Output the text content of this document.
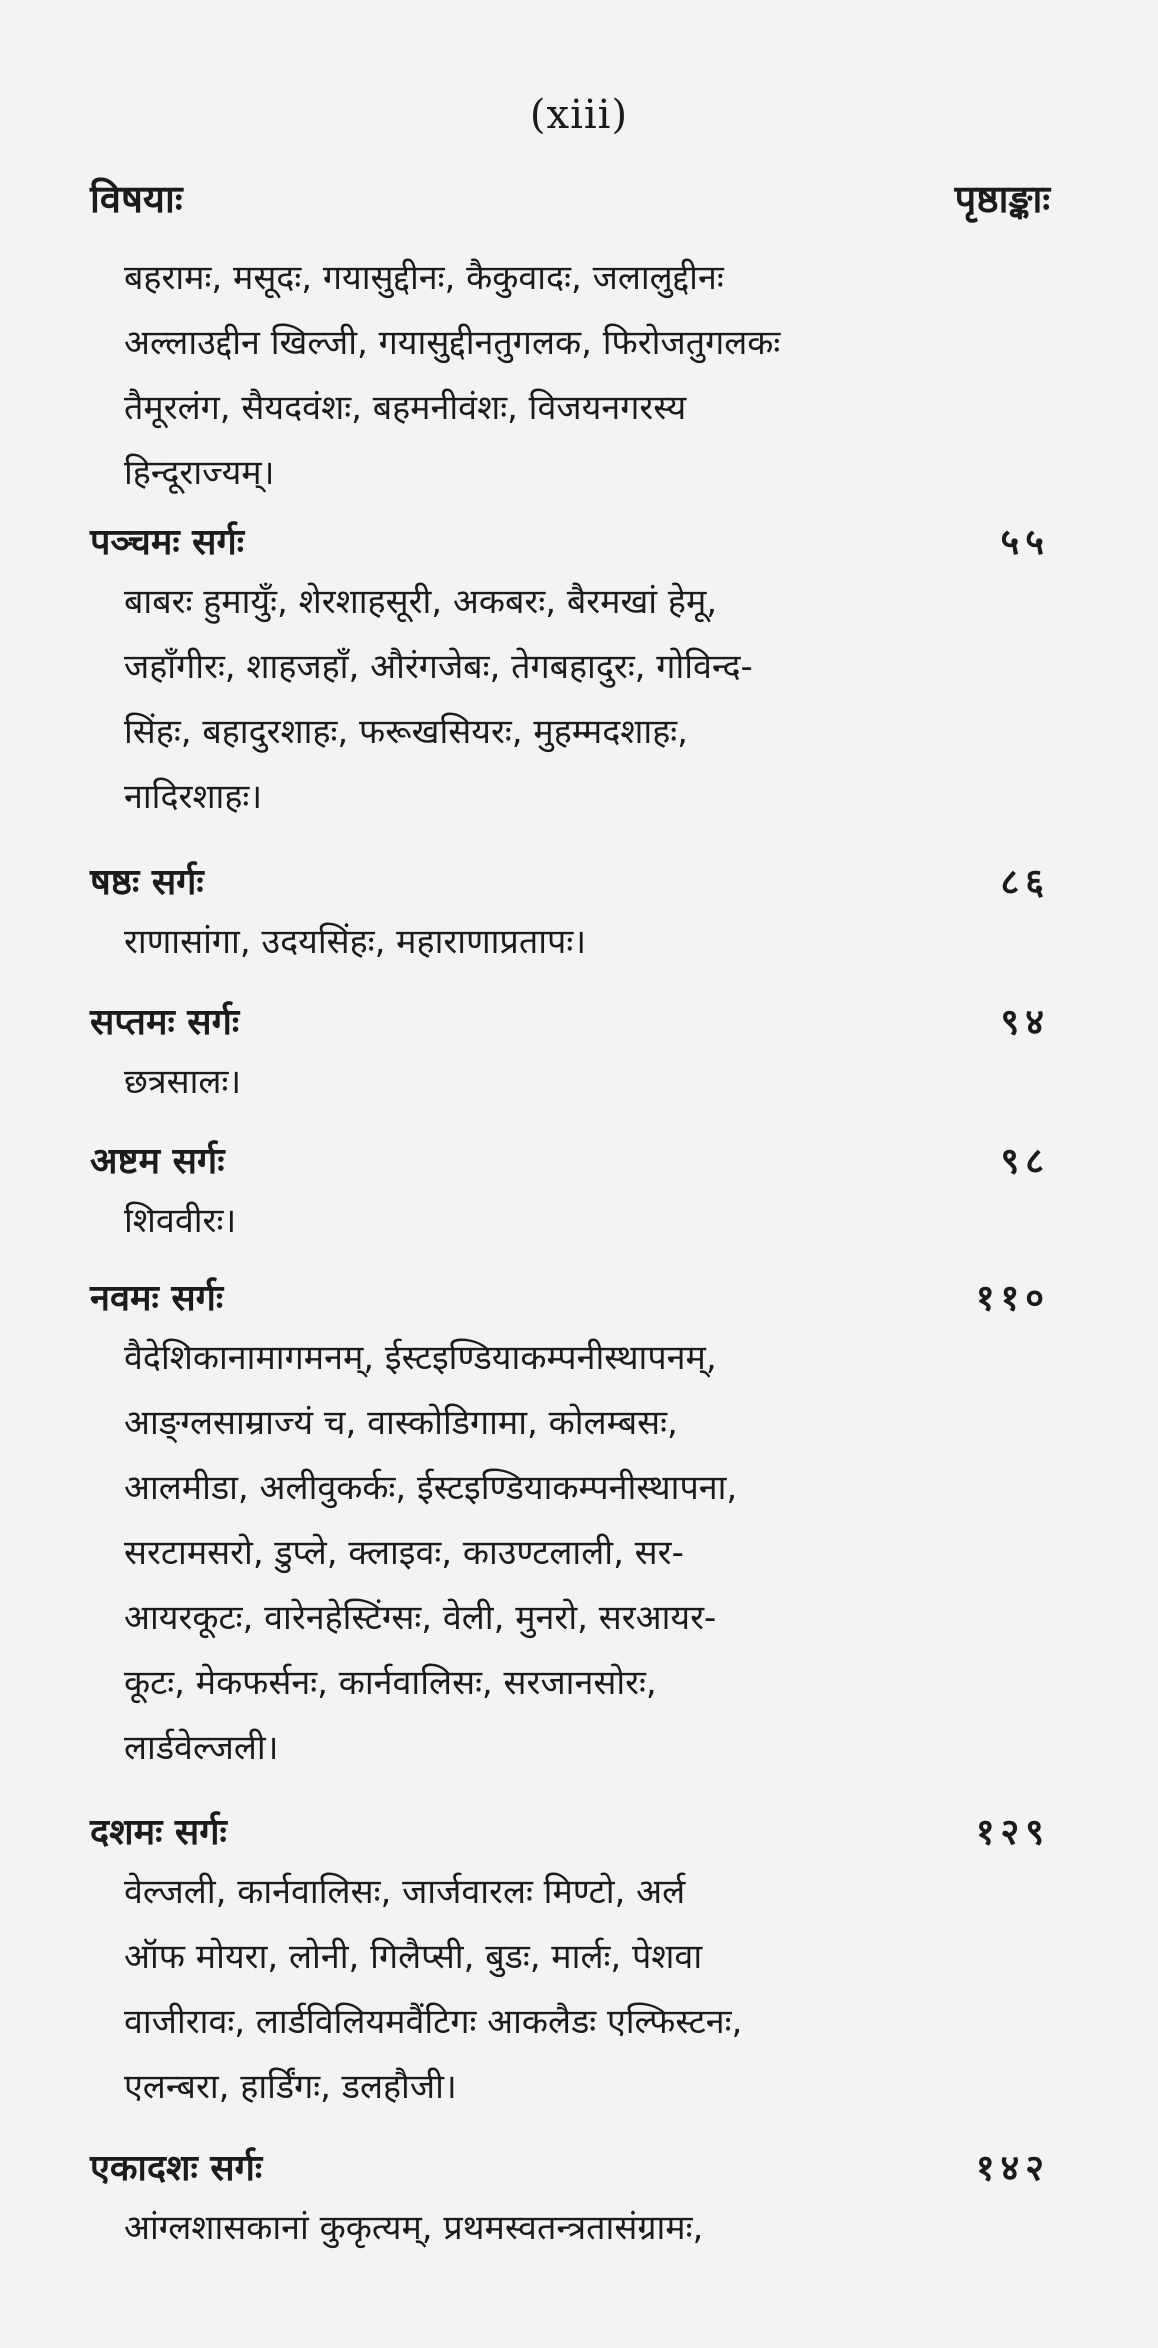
(xiii)
विषयाः	पृष्ठाङ्काः
बहरामः, मसूदः, गयासुद्दीनः, कैकुवादः, जलालुद्दीनः
अल्लाउद्दीन खिल्जी, गयासुद्दीनतुगलक, फिरोजतुगलकः
तैमूरलंग, सैयदवंशः, बहमनीवंशः, विजयनगरस्य
हिन्दूराज्यम्।
पञ्चमः सर्गः	५५
बाबरः हुमायुँः, शेरशाहसूरी, अकबरः, बैरमखां हेमू,
जहाँगीरः, शाहजहाँ, औरंगजेबः, तेगबहादुरः, गोविन्द-
सिंहः, बहादुरशाहः, फरूखसियरः, मुहम्मदशाहः,
नादिरशाहः।
षष्ठः सर्गः	८६
राणासांगा, उदयसिंहः, महाराणाप्रतापः।
सप्तमः सर्गः	९४
छत्रसालः।
अष्टम सर्गः	९८
शिववीरः।
नवमः सर्गः	११०
वैदेशिकानामागमनम्, ईस्टइण्डियाकम्पनीस्थापनम्,
आङ्ग्लसाम्राज्यं च, वास्कोडिगामा, कोलम्बसः,
आलमीडा, अलीवुकर्कः, ईस्टइण्डियाकम्पनीस्थापना,
सरटामसरो, डुप्ले, क्लाइवः, काउण्टलाली, सर-
आयरकूटः, वारेनहेस्टिंग्सः, वेली, मुनरो, सरआयर-
कूटः, मेकफर्सनः, कार्नवालिसः, सरजानसोरः,
लार्डवेल्जली।
दशमः सर्गः	१२९
वेल्जली, कार्नवालिसः, जार्जवारलः मिण्टो, अर्ल
ऑफ मोयरा, लोनी, गिलैप्सी, बुडः, मार्लः, पेशवा
वाजीरावः, लार्डविलियमवैंटिगः आकलैडः एल्फिस्टनः,
एलन्बरा, हार्डिंगः, डलहौजी।
एकादशः सर्गः	१४२
आंग्लशासकानां कुकृत्यम्, प्रथमस्वतन्त्रतासंग्रामः,
